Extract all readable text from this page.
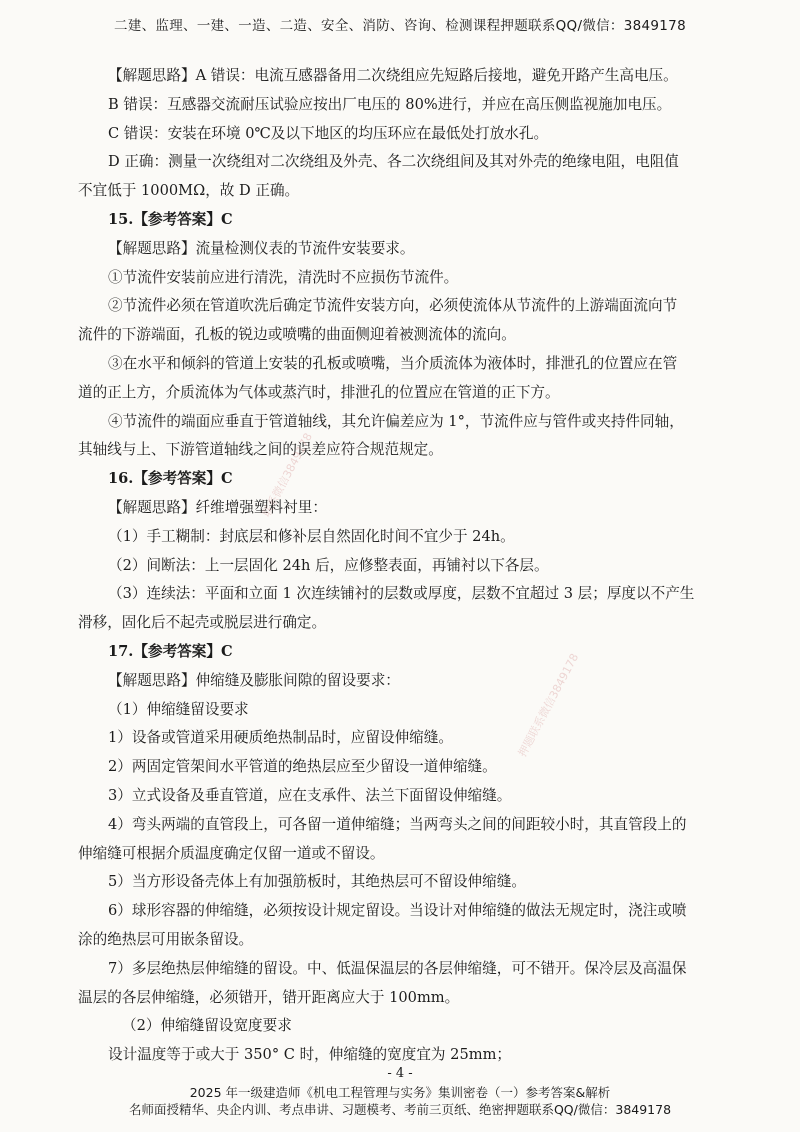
二建、监理、一建、一造、二造、安全、消防、咨询、检测课程押题联系QQ/微信：3849178
【解题思路】A 错误：电流互感器备用二次绕组应先短路后接地，避免开路产生高电压。
B 错误：互感器交流耐压试验应按出厂电压的 80%进行，并应在高压侧监视施加电压。
C 错误：安装在环境 0℃及以下地区的均压环应在最低处打放水孔。
D 正确：测量一次绕组对二次绕组及外壳、各二次绕组间及其对外壳的绝缘电阻，电阻值
不宜低于 1000MΩ，故 D 正确。
15.【参考答案】C
【解题思路】流量检测仪表的节流件安装要求。
①节流件安装前应进行清洗，清洗时不应损伤节流件。
②节流件必须在管道吹洗后确定节流件安装方向，必须使流体从节流件的上游端面流向节
流件的下游端面，孔板的锐边或喷嘴的曲面侧迎着被测流体的流向。
③在水平和倾斜的管道上安装的孔板或喷嘴，当介质流体为液体时，排泄孔的位置应在管
道的正上方，介质流体为气体或蒸汽时，排泄孔的位置应在管道的正下方。
④节流件的端面应垂直于管道轴线，其允许偏差应为 1°，节流件应与管件或夹持件同轴，
其轴线与上、下游管道轴线之间的误差应符合规范规定。
16.【参考答案】C
【解题思路】纤维增强塑料衬里：
（1）手工糊制：封底层和修补层自然固化时间不宜少于 24h。
（2）间断法：上一层固化 24h 后，应修整表面，再铺衬以下各层。
（3）连续法：平面和立面 1 次连续铺衬的层数或厚度，层数不宜超过 3 层；厚度以不产生
滑移，固化后不起壳或脱层进行确定。
17.【参考答案】C
【解题思路】伸缩缝及膨胀间隙的留设要求：
（1）伸缩缝留设要求
1）设备或管道采用硬质绝热制品时，应留设伸缩缝。
2）两固定管架间水平管道的绝热层应至少留设一道伸缩缝。
3）立式设备及垂直管道，应在支承件、法兰下面留设伸缩缝。
4）弯头两端的直管段上，可各留一道伸缩缝；当两弯头之间的间距较小时，其直管段上的
伸缩缝可根据介质温度确定仅留一道或不留设。
5）当方形设备壳体上有加强筋板时，其绝热层可不留设伸缩缝。
6）球形容器的伸缩缝，必须按设计规定留设。当设计对伸缩缝的做法无规定时，浇注或喷
涂的绝热层可用嵌条留设。
7）多层绝热层伸缩缝的留设。中、低温保温层的各层伸缩缝，可不错开。保冷层及高温保
温层的各层伸缩缝，必须错开，错开距离应大于 100mm。
（2）伸缩缝留设宽度要求
设计温度等于或大于 350° C 时，伸缩缝的宽度宜为 25mm；
联系微信3849178
押题联系微信3849178
- 4 -
2025 年一级建造师《机电工程管理与实务》集训密卷（一）参考答案&解析
名师面授精华、央企内训、考点串讲、习题模考、考前三页纸、绝密押题联系QQ/微信：3849178
